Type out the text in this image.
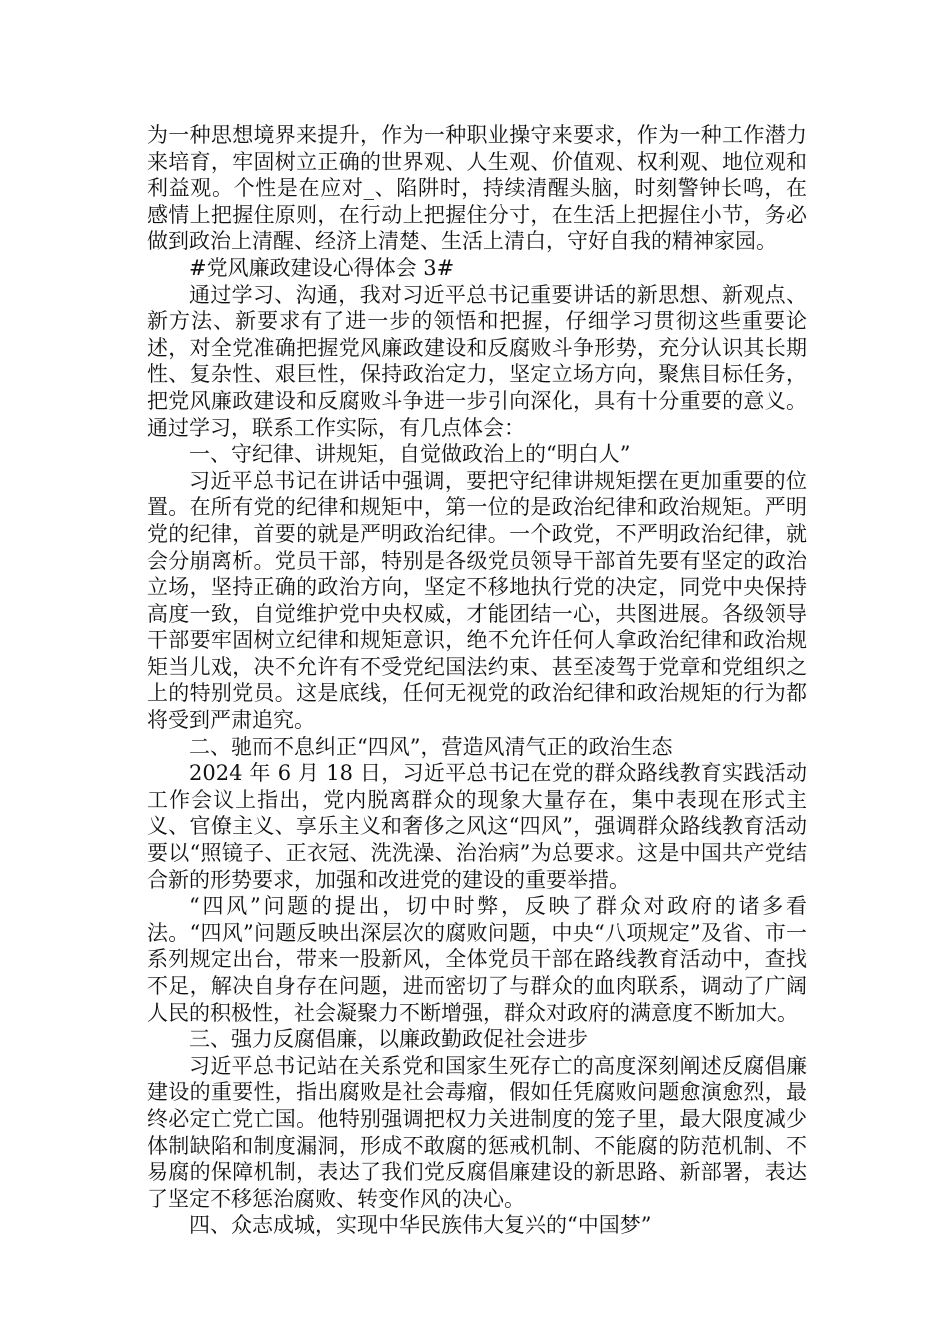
为一种思想境界来提升，作为一种职业操守来要求，作为一种工作潜力来培育，牢固树立正确的世界观、人生观、价值观、权利观、地位观和利益观。个性是在应对_、陷阱时，持续清醒头脑，时刻警钟长鸣，在感情上把握住原则，在行动上把握住分寸，在生活上把握住小节，务必做到政治上清醒、经济上清楚、生活上清白，守好自我的精神家园。

#党风廉政建设心得体会 3#

通过学习、沟通，我对习近平总书记重要讲话的新思想、新观点、新方法、新要求有了进一步的领悟和把握，仔细学习贯彻这些重要论述，对全党准确把握党风廉政建设和反腐败斗争形势，充分认识其长期性、复杂性、艰巨性，保持政治定力，坚定立场方向，聚焦目标任务，把党风廉政建设和反腐败斗争进一步引向深化，具有十分重要的意义。通过学习，联系工作实际，有几点体会：

一、守纪律、讲规矩，自觉做政治上的“明白人”

习近平总书记在讲话中强调，要把守纪律讲规矩摆在更加重要的位置。在所有党的纪律和规矩中，第一位的是政治纪律和政治规矩。严明党的纪律，首要的就是严明政治纪律。一个政党，不严明政治纪律，就会分崩离析。党员干部，特别是各级党员领导干部首先要有坚定的政治立场，坚持正确的政治方向，坚定不移地执行党的决定，同党中央保持高度一致，自觉维护党中央权威，才能团结一心，共图进展。各级领导干部要牢固树立纪律和规矩意识，绝不允许任何人拿政治纪律和政治规矩当儿戏，决不允许有不受党纪国法约束、甚至凌驾于党章和党组织之上的特别党员。这是底线，任何无视党的政治纪律和政治规矩的行为都将受到严肃追究。

二、驰而不息纠正“四风”，营造风清气正的政治生态

2024 年 6 月 18 日，习近平总书记在党的群众路线教育实践活动工作会议上指出，党内脱离群众的现象大量存在，集中表现在形式主义、官僚主义、享乐主义和奢侈之风这“四风”，强调群众路线教育活动要以“照镜子、正衣冠、洗洗澡、治治病”为总要求。这是中国共产党结合新的形势要求，加强和改进党的建设的重要举措。

“四风”问题的提出，切中时弊，反映了群众对政府的诸多看法。“四风”问题反映出深层次的腐败问题，中央“八项规定”及省、市一系列规定出台，带来一股新风，全体党员干部在路线教育活动中，查找不足，解决自身存在问题，进而密切了与群众的血肉联系，调动了广阔人民的积极性，社会凝聚力不断增强，群众对政府的满意度不断加大。

三、强力反腐倡廉，以廉政勤政促社会进步

习近平总书记站在关系党和国家生死存亡的高度深刻阐述反腐倡廉建设的重要性，指出腐败是社会毒瘤，假如任凭腐败问题愈演愈烈，最终必定亡党亡国。他特别强调把权力关进制度的笼子里，最大限度减少体制缺陷和制度漏洞，形成不敢腐的惩戒机制、不能腐的防范机制、不易腐的保障机制，表达了我们党反腐倡廉建设的新思路、新部署，表达了坚定不移惩治腐败、转变作风的决心。

四、众志成城，实现中华民族伟大复兴的“中国梦”
